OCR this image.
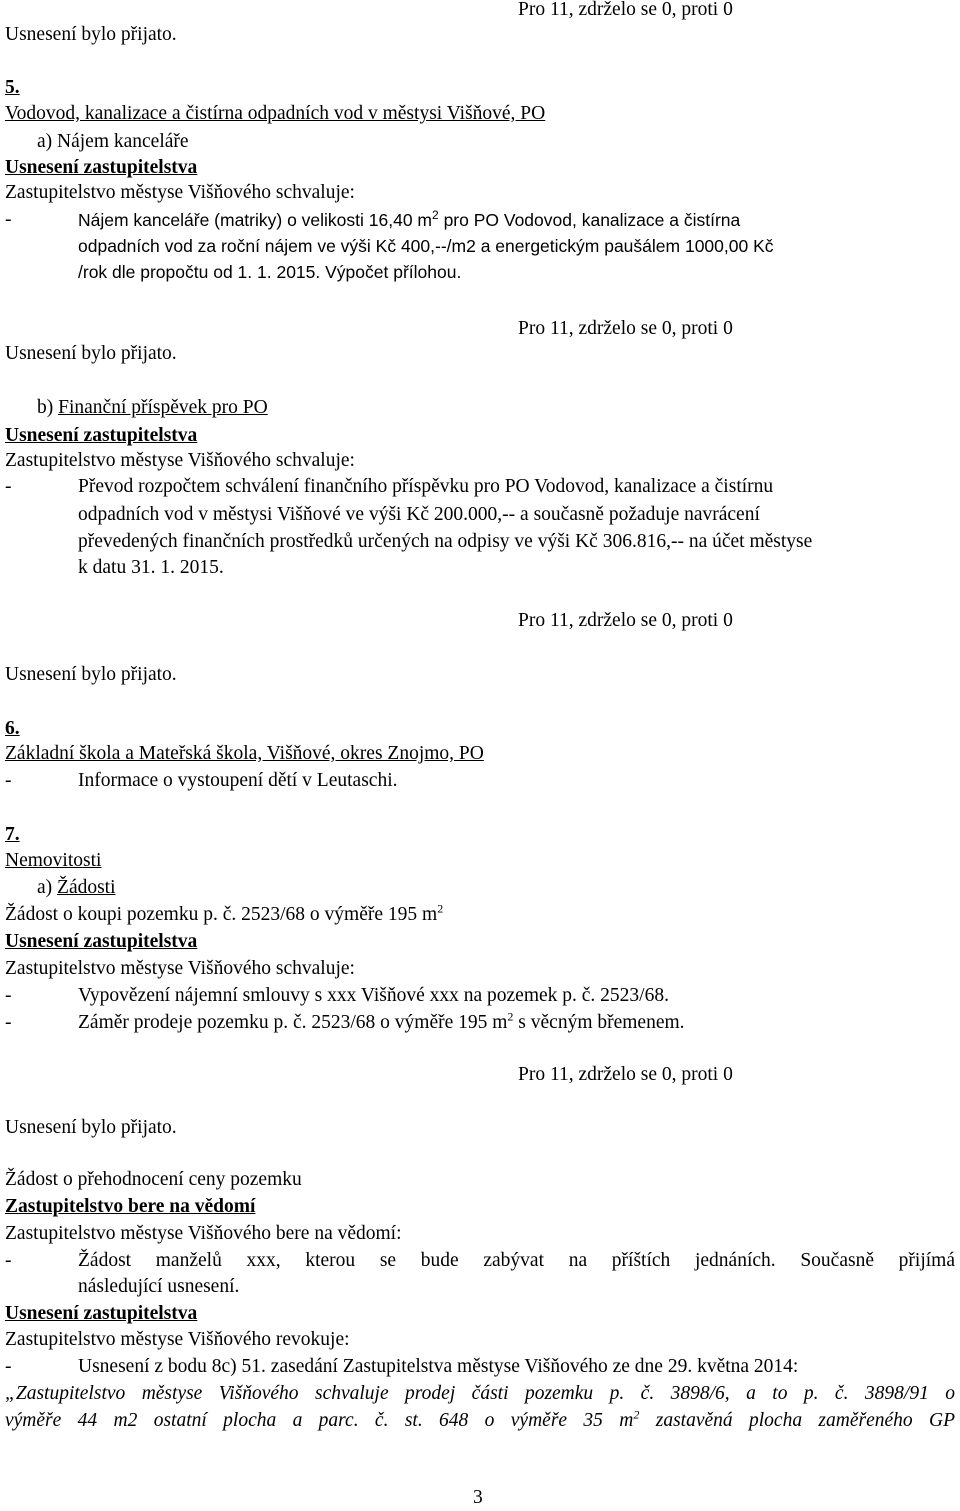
Pro 11, zdrželo se 0, proti 0
Usnesení bylo přijato.
5.
Vodovod, kanalizace a čistírna odpadních vod v městysi Višňové, PO
a) Nájem kanceláře
Usnesení zastupitelstva
Zastupitelstvo městyse Višňového schvaluje:
-	Nájem kanceláře (matriky) o velikosti 16,40 $m^2$ pro PO Vodovod, kanalizace a čistírna
odpadních vod za roční nájem ve výši Kč 400,--/m2 a energetickým paušálem 1000,00 Kč
/rok dle propočtu od 1. 1. 2015. Výpočet přílohou.
Pro 11, zdrželo se 0, proti 0
Usnesení bylo přijato.
b) Finanční příspěvek pro PO
Usnesení zastupitelstva
Zastupitelstvo městyse Višňového schvaluje:
-	Převod rozpočtem schválení finančního příspěvku pro PO Vodovod, kanalizace a čistírnu
odpadních vod v městysi Višňové ve výši Kč 200.000,-- a současně požaduje navrácení
převedených finančních prostředků určených na odpisy ve výši Kč 306.816,-- na účet městyse
k datu 31. 1. 2015.
Pro 11, zdrželo se 0, proti 0
Usnesení bylo přijato.
6.
Základní škola a Mateřská škola, Višňové, okres Znojmo, PO
-	Informace o vystoupení dětí v Leutaschi.
7.
Nemovitosti
a) Žádosti
Žádost o koupi pozemku p. č. 2523/68 o výměře 195 $m^2$
Usnesení zastupitelstva
Zastupitelstvo městyse Višňového schvaluje:
-	Vypovězení nájemní smlouvy s xxx Višňové xxx na pozemek p. č. 2523/68.
-	Záměr prodeje pozemku p. č. 2523/68 o výměře 195 $m^2$ s věcným břemenem.
Pro 11, zdrželo se 0, proti 0
Usnesení bylo přijato.
Žádost o přehodnocení ceny pozemku
Zastupitelstvo bere na vědomí
Zastupitelstvo městyse Višňového bere na vědomí:
-	Žádost manželů xxx, kterou se bude zabývat na příštích jednáních. Současně přijímá
následující usnesení.
Usnesení zastupitelstva
Zastupitelstvo městyse Višňového revokuje:
-	Usnesení z bodu 8c) 51. zasedání Zastupitelstva městyse Višňového ze dne 29. května 2014:
„Zastupitelstvo městyse Višňového schvaluje prodej části pozemku p. č. 3898/6, a to p. č. 3898/91 o
výměře 44 m2 ostatní plocha a parc. č. st. 648 o výměře 35 $m^2$ zastavěná plocha zaměřeného GP
3
